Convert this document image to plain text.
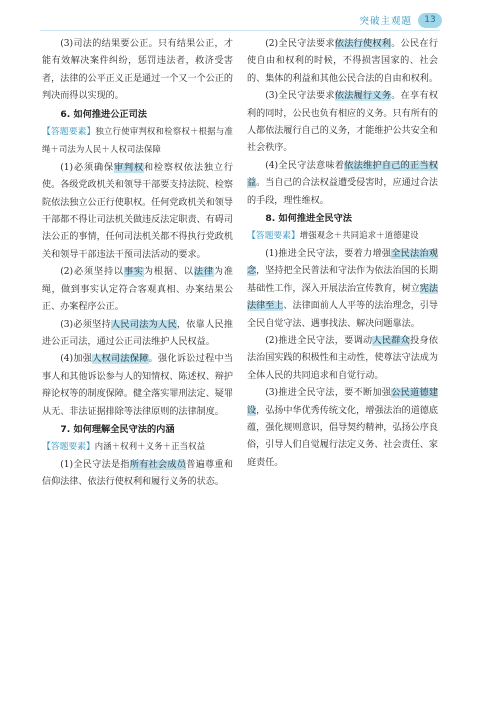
突破主观题	13
(3)司法的结果要公正。只有结果公正，才能有效解决案件纠纷，惩罚违法者，救济受害者，法律的公平正义正是通过一个又一个公正的判决而得以实现的。
6. 如何推进公正司法
【答题要素】独立行使审判权和检察权＋根据与准绳＋司法为人民＋人权司法保障
(1)必须确保审判权和检察权依法独立行使。各级党政机关和领导干部要支持法院、检察院依法独立公正行使职权。任何党政机关和领导干部都不得让司法机关做违反法定职责、有碍司法公正的事情，任何司法机关都不得执行党政机关和领导干部违法干预司法活动的要求。
(2)必须坚持以事实为根据、以法律为准绳，做到事实认定符合客观真相、办案结果公正、办案程序公正。
(3)必须坚持人民司法为人民，依靠人民推进公正司法，通过公正司法维护人民权益。
(4)加强人权司法保障。强化诉讼过程中当事人和其他诉讼参与人的知情权、陈述权、辩护辩论权等的制度保障。健全落实罪刑法定、疑罪从无、非法证据排除等法律原则的法律制度。
7. 如何理解全民守法的内涵
【答题要素】内涵＋权利＋义务＋正当权益
(1)全民守法是指所有社会成员普遍尊重和信仰法律、依法行使权利和履行义务的状态。
(2)全民守法要求依法行使权利。公民在行使自由和权利的时候，不得损害国家的、社会的、集体的利益和其他公民合法的自由和权利。
(3)全民守法要求依法履行义务。在享有权利的同时，公民也负有相应的义务。只有所有的人都依法履行自己的义务，才能维护公共安全和社会秩序。
(4)全民守法意味着依法维护自己的正当权益。当自己的合法权益遭受侵害时，应通过合法的手段，理性维权。
8. 如何推进全民守法
【答题要素】增强观念＋共同追求＋道德建设
(1)推进全民守法，要着力增强全民法治观念，坚持把全民普法和守法作为依法治国的长期基础性工作，深入开展法治宣传教育，树立宪法法律至上、法律面前人人平等的法治理念，引导全民自觉守法、遇事找法、解决问题靠法。
(2)推进全民守法，要调动人民群众投身依法治国实践的积极性和主动性，使尊法守法成为全体人民的共同追求和自觉行动。
(3)推进全民守法，要不断加强公民道德建设，弘扬中华优秀传统文化，增强法治的道德底蕴，强化规则意识，倡导契约精神，弘扬公序良俗，引导人们自觉履行法定义务、社会责任、家庭责任。
